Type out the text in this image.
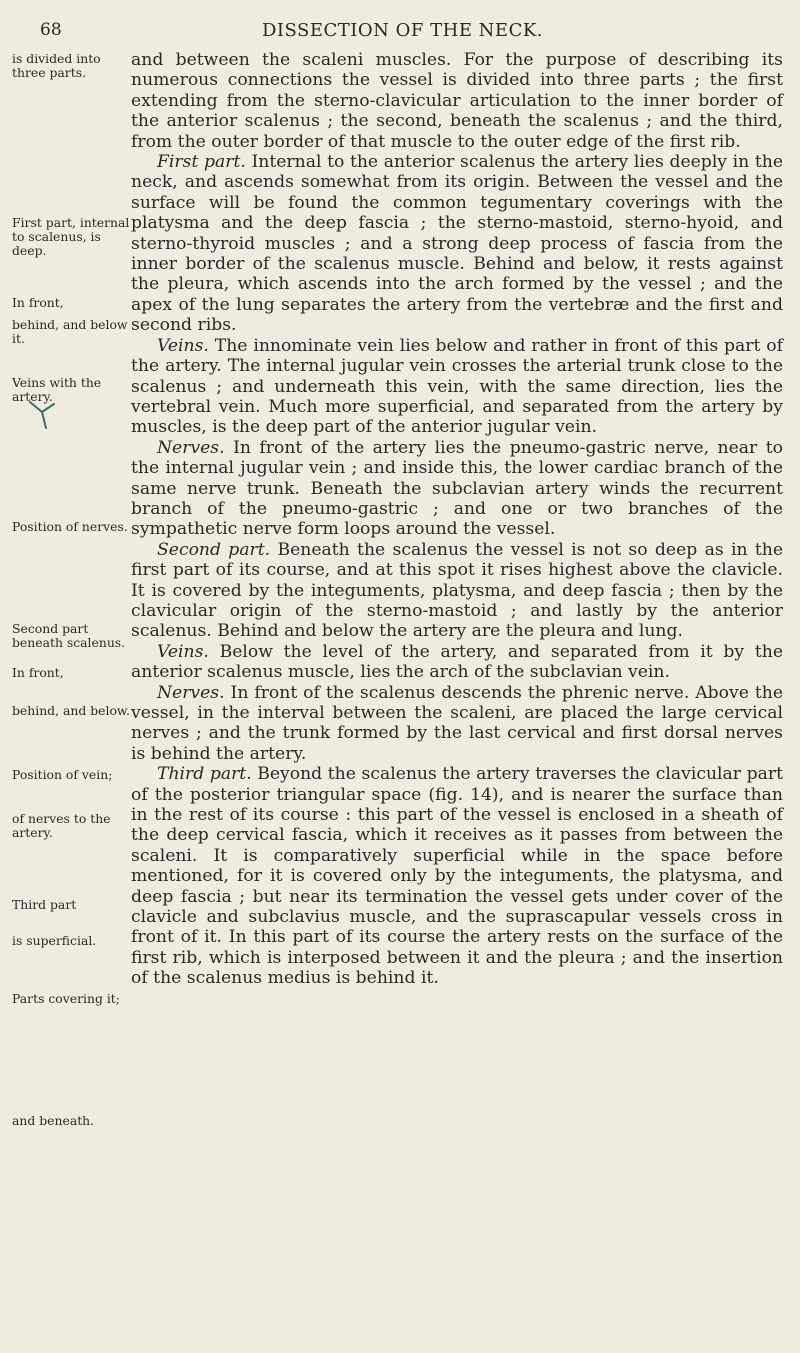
68	DISSECTION OF THE NECK.
is divided into three parts.
First part, internal to scalenus, is deep.
In front,
behind, and below it.
Veins with the artery.
Position of nerves.
Second part beneath scalenus.
In front,
behind, and below.
Position of vein;
of nerves to the artery.
Third part
is superficial.
Parts covering it;
and beneath.

and between the scaleni muscles. For the purpose of describing its numerous connections the vessel is divided into three parts ; the first extending from the sterno-clavicular articulation to the inner border of the anterior scalenus ; the second, beneath the scalenus ; and the third, from the outer border of that muscle to the outer edge of the first rib.

First part. Internal to the anterior scalenus the artery lies deeply in the neck, and ascends somewhat from its origin. Between the vessel and the surface will be found the common tegumentary coverings with the platysma and the deep fascia ; the sterno-mastoid, sterno-hyoid, and sterno-thyroid muscles ; and a strong deep process of fascia from the inner border of the scalenus muscle. Behind and below, it rests against the pleura, which ascends into the arch formed by the vessel ; and the apex of the lung separates the artery from the vertebræ and the first and second ribs.

Veins. The innominate vein lies below and rather in front of this part of the artery. The internal jugular vein crosses the arterial trunk close to the scalenus ; and underneath this vein, with the same direction, lies the vertebral vein. Much more superficial, and separated from the artery by muscles, is the deep part of the anterior jugular vein.

Nerves. In front of the artery lies the pneumo-gastric nerve, near to the internal jugular vein ; and inside this, the lower cardiac branch of the same nerve trunk. Beneath the subclavian artery winds the recurrent branch of the pneumo-gastric ; and one or two branches of the sympathetic nerve form loops around the vessel.

Second part. Beneath the scalenus the vessel is not so deep as in the first part of its course, and at this spot it rises highest above the clavicle. It is covered by the integuments, platysma, and deep fascia ; then by the clavicular origin of the sterno-mastoid ; and lastly by the anterior scalenus. Behind and below the artery are the pleura and lung.

Veins. Below the level of the artery, and separated from it by the anterior scalenus muscle, lies the arch of the subclavian vein.

Nerves. In front of the scalenus descends the phrenic nerve. Above the vessel, in the interval between the scaleni, are placed the large cervical nerves ; and the trunk formed by the last cervical and first dorsal nerves is behind the artery.

Third part. Beyond the scalenus the artery traverses the clavicular part of the posterior triangular space (fig. 14), and is nearer the surface than in the rest of its course : this part of the vessel is enclosed in a sheath of the deep cervical fascia, which it receives as it passes from between the scaleni. It is comparatively superficial while in the space before mentioned, for it is covered only by the integuments, the platysma, and deep fascia ; but near its termination the vessel gets under cover of the clavicle and subclavius muscle, and the suprascapular vessels cross in front of it. In this part of its course the artery rests on the surface of the first rib, which is interposed between it and the pleura ; and the insertion of the scalenus medius is behind it.
